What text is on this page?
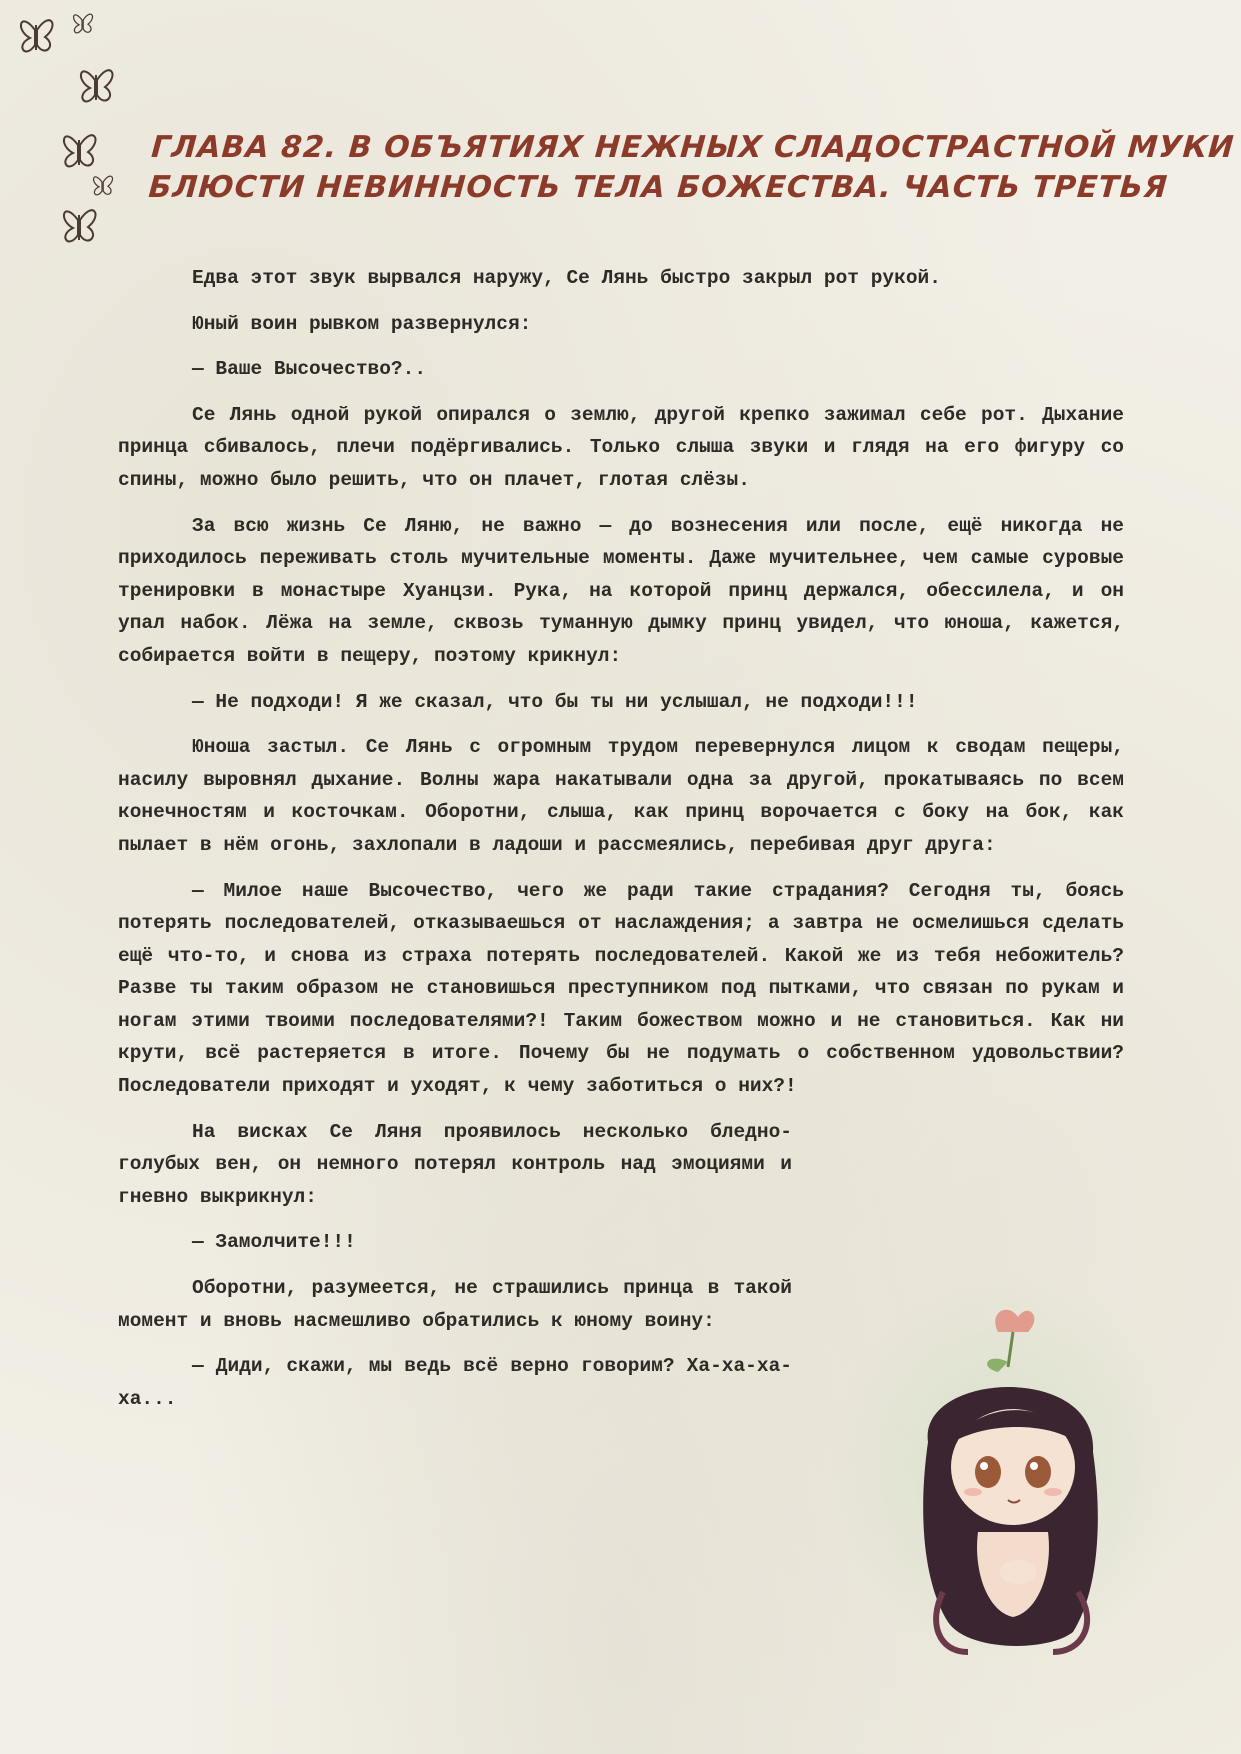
ГЛАВА 82. В ОБЪЯТИЯХ НЕЖНЫХ СЛАДОСТРАСТНОЙ МУКИ
БЛЮСТИ НЕВИННОСТЬ ТЕЛА БОЖЕСТВА. ЧАСТЬ ТРЕТЬЯ

Едва этот звук вырвался наружу, Се Лянь быстро закрыл рот рукой.

Юный воин рывком развернулся:

— Ваше Высочество?..

Се Лянь одной рукой опирался о землю, другой крепко зажимал себе рот. Дыхание принца сбивалось, плечи подёргивались. Только слыша звуки и глядя на его фигуру со спины, можно было решить, что он плачет, глотая слёзы.

За всю жизнь Се Ляню, не важно — до вознесения или после, ещё никогда не приходилось переживать столь мучительные моменты. Даже мучительнее, чем самые суровые тренировки в монастыре Хуанцзи. Рука, на которой принц держался, обессилела, и он упал набок. Лёжа на земле, сквозь туманную дымку принц увидел, что юноша, кажется, собирается войти в пещеру, поэтому крикнул:

— Не подходи! Я же сказал, что бы ты ни услышал, не подходи!!!

Юноша застыл. Се Лянь с огромным трудом перевернулся лицом к сводам пещеры, насилу выровнял дыхание. Волны жара накатывали одна за другой, прокатываясь по всем конечностям и косточкам. Оборотни, слыша, как принц ворочается с боку на бок, как пылает в нём огонь, захлопали в ладоши и рассмеялись, перебивая друг друга:

— Милое наше Высочество, чего же ради такие страдания? Сегодня ты, боясь потерять последователей, отказываешься от наслаждения; а завтра не осмелишься сделать ещё что-то, и снова из страха потерять последователей. Какой же из тебя небожитель? Разве ты таким образом не становишься преступником под пытками, что связан по рукам и ногам этими твоими последователями?! Таким божеством можно и не становиться. Как ни крути, всё растеряется в итоге. Почему бы не подумать о собственном удовольствии? Последователи приходят и уходят, к чему заботиться о них?!

На висках Се Ляня проявилось несколько бледно-голубых вен, он немного потерял контроль над эмоциями и гневно выкрикнул:

— Замолчите!!!

Оборотни, разумеется, не страшились принца в такой момент и вновь насмешливо обратились к юному воину:

— Диди, скажи, мы ведь всё верно говорим? Ха-ха-ха-ха...
